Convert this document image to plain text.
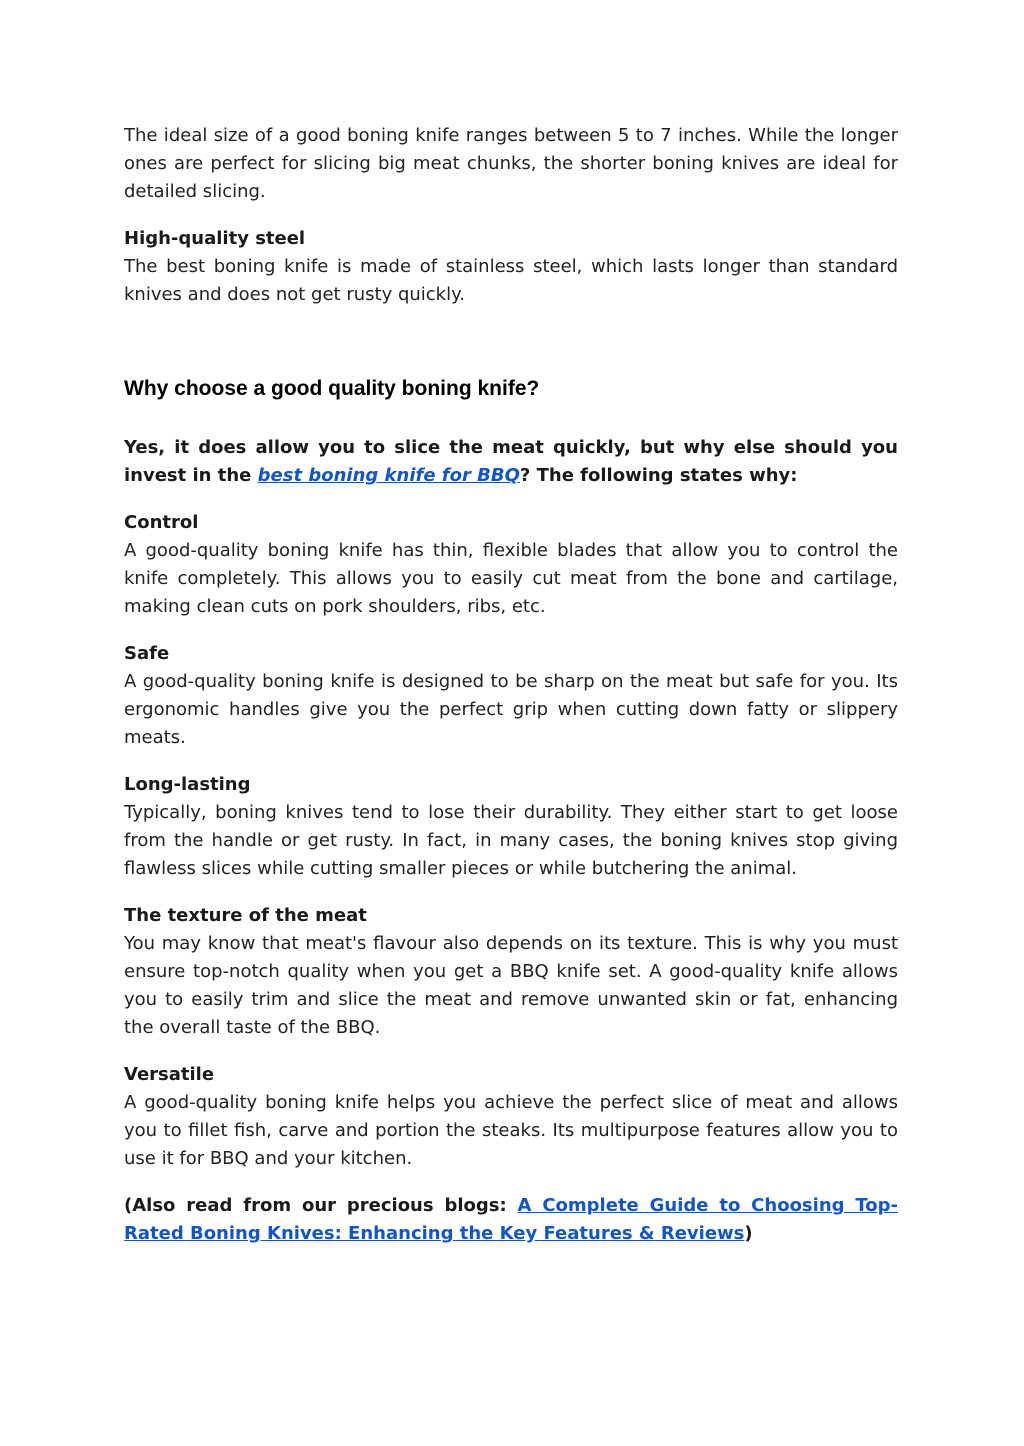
The ideal size of a good boning knife ranges between 5 to 7 inches. While the longer ones are perfect for slicing big meat chunks, the shorter boning knives are ideal for detailed slicing.

High-quality steel
The best boning knife is made of stainless steel, which lasts longer than standard knives and does not get rusty quickly.

Why choose a good quality boning knife?

Yes, it does allow you to slice the meat quickly, but why else should you invest in the best boning knife for BBQ? The following states why:

Control
A good-quality boning knife has thin, flexible blades that allow you to control the knife completely. This allows you to easily cut meat from the bone and cartilage, making clean cuts on pork shoulders, ribs, etc.

Safe
A good-quality boning knife is designed to be sharp on the meat but safe for you. Its ergonomic handles give you the perfect grip when cutting down fatty or slippery meats.

Long-lasting
Typically, boning knives tend to lose their durability. They either start to get loose from the handle or get rusty. In fact, in many cases, the boning knives stop giving flawless slices while cutting smaller pieces or while butchering the animal.

The texture of the meat
You may know that meat's flavour also depends on its texture. This is why you must ensure top-notch quality when you get a BBQ knife set. A good-quality knife allows you to easily trim and slice the meat and remove unwanted skin or fat, enhancing the overall taste of the BBQ.

Versatile
A good-quality boning knife helps you achieve the perfect slice of meat and allows you to fillet fish, carve and portion the steaks. Its multipurpose features allow you to use it for BBQ and your kitchen.

(Also read from our precious blogs: A Complete Guide to Choosing Top-Rated Boning Knives: Enhancing the Key Features & Reviews)
